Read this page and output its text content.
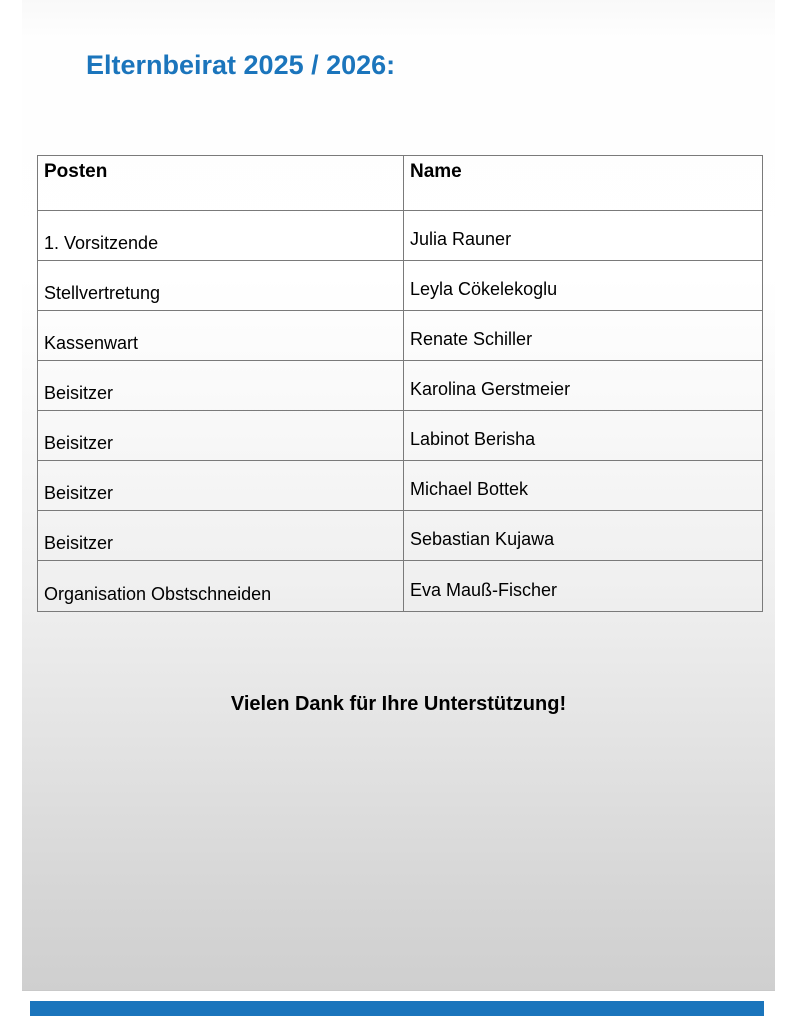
Elternbeirat 2025 / 2026:
Posten	Name
1. Vorsitzende	Julia Rauner
Stellvertretung	Leyla Cökelekoglu
Kassenwart	Renate Schiller
Beisitzer	Karolina Gerstmeier
Beisitzer	Labinot Berisha
Beisitzer	Michael Bottek
Beisitzer	Sebastian Kujawa
Organisation Obstschneiden	Eva Mauß-Fischer
Vielen Dank für Ihre Unterstützung!
